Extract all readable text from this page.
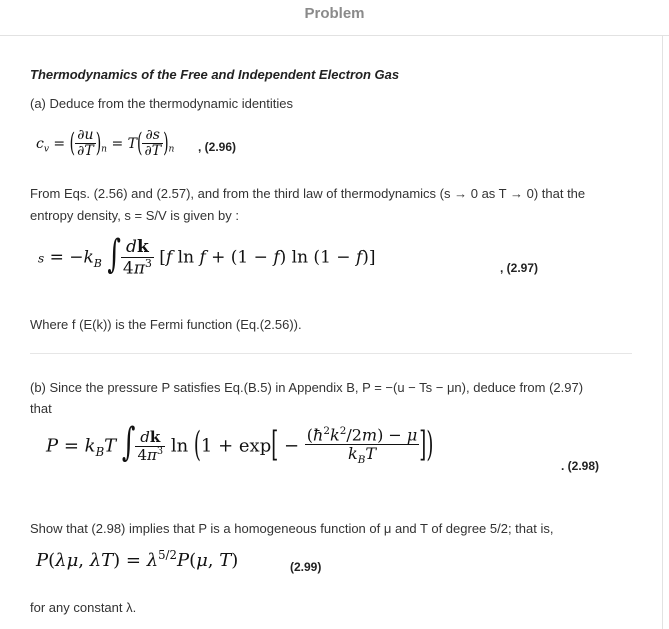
Problem
Thermodynamics of the Free and Independent Electron Gas
(a) Deduce from the thermodynamic identities
$c_v$ = ( $\frac{\partial u}{\partial T} )_n = T( \frac{\partial s}{\partial T} )_n$ , (2.96)
From Eqs. (2.56) and (2.57), and from the third law of thermodynamics (s → 0 as T → 0) that the
entropy density, s = S/V is given by :
$s = -k_B$ ∫ $\frac{dk}{4\pi^3} [f$ ln f + (1 − f) ln (1 − f)]
, (2.97)
Where f (E(k)) is the Fermi function (Eq.(2.56)).
(b) Since the pressure P satisfies Eq.(B.5) in Appendix B, P = −(u − Ts − μn), deduce from (2.97)
that
$P = k_BT$ ∫ $\frac{dk}{4\pi^3}$ $\ln (1 + \exp[ - \frac{(ħ^2k^2/2m) - \mu}{k_BT}$ ])
. (2.98)
Show that (2.98) implies that P is a homogeneous function of μ and T of degree 5/2; that is,
P(λμ, $\lambda T) = \lambda^{5/2}P(\mu$, T)	(2.99)
for any constant λ.
